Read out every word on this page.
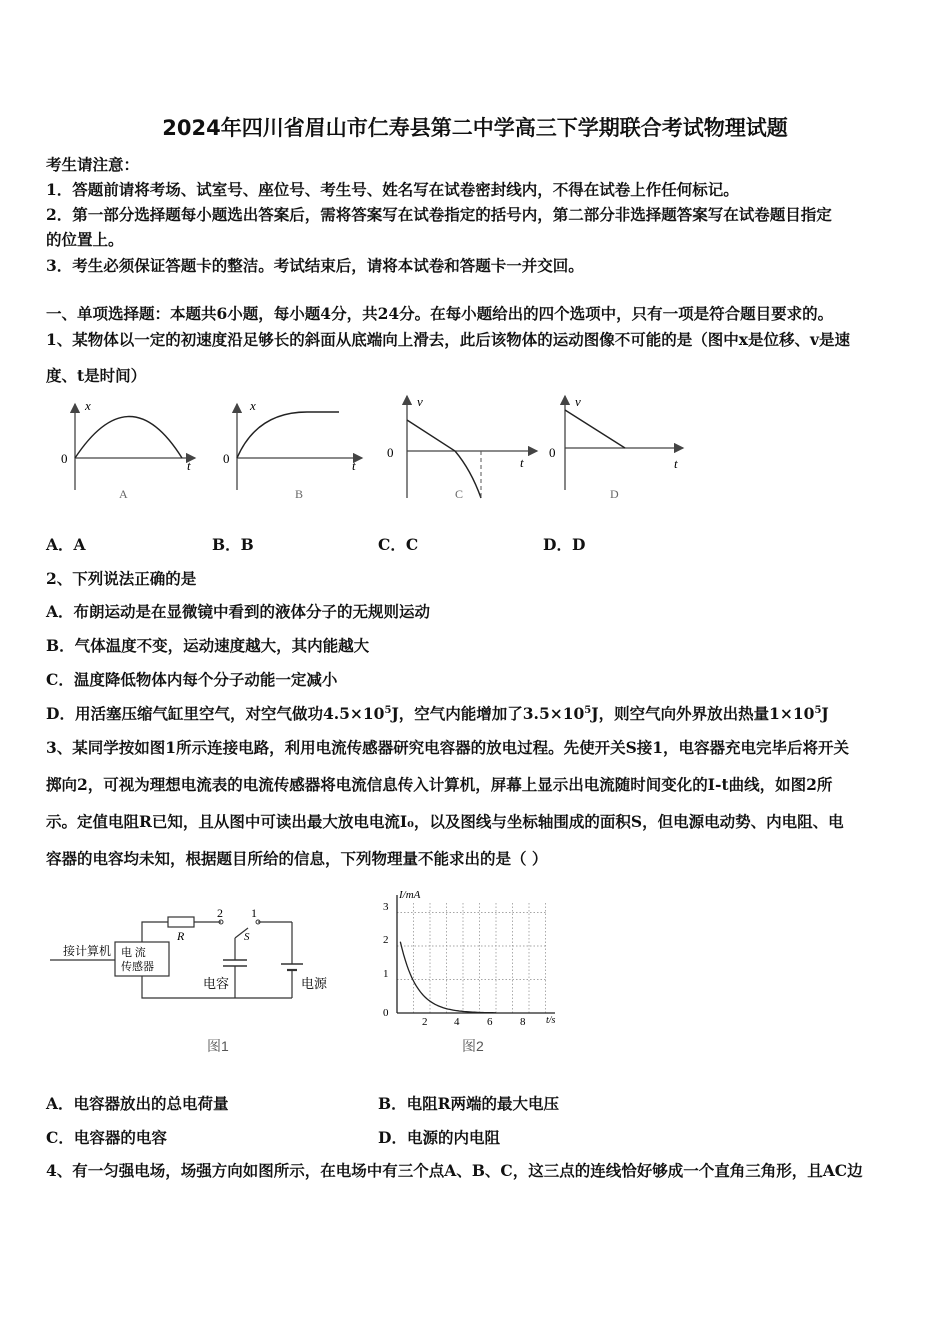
2024年四川省眉山市仁寿县第二中学高三下学期联合考试物理试题
考生请注意：
1．答题前请将考场、试室号、座位号、考生号、姓名写在试卷密封线内，不得在试卷上作任何标记。
2．第一部分选择题每小题选出答案后，需将答案写在试卷指定的括号内，第二部分非选择题答案写在试卷题目指定
的位置上。
3．考生必须保证答题卡的整洁。考试结束后，请将本试卷和答题卡一并交回。
一、单项选择题：本题共6小题，每小题4分，共24分。在每小题给出的四个选项中，只有一项是符合题目要求的。
1、某物体以一定的初速度沿足够长的斜面从底端向上滑去，此后该物体的运动图像不可能的是（图中x是位移、v是速
度、t是时间）
x
0	t
A
x
0	t
B
v
0
t
C
v
0
t
D
A．A	B．B	C．C	D．D
2、下列说法正确的是
A．布朗运动是在显微镜中看到的液体分子的无规则运动
B．气体温度不变，运动速度越大，其内能越大
C．温度降低物体内每个分子动能一定减小
D．用活塞压缩气缸里空气，对空气做功$4.5\times 10^5J$，空气内能增加了$3.5\times 10^5J$，则空气向外界放出热量$1\times 10^5J$
3、某同学按如图1所示连接电路，利用电流传感器研究电容器的放电过程。先使开关S接1，电容器充电完毕后将开关
掷向2，可视为理想电流表的电流传感器将电流信息传入计算机，屏幕上显示出电流随时间变化的I-t曲线，如图2所
示。定值电阻R已知，且从图中可读出最大放电电流I₀，以及图线与坐标轴围成的面积S，但电源电动势、内电阻、电
容器的电容均未知，根据题目所给的信息，下列物理量不能求出的是（ ）
接计算机 电 流
传感器
R
2 1
S
电容	电源
图1
I/mA
t/s
0
1
2
3
2 4	6	8
图2
A．电容器放出的总电荷量	B．电阻R两端的最大电压
C．电容器的电容	D．电源的内电阻
4、有一匀强电场，场强方向如图所示，在电场中有三个点A、B、C，这三点的连线恰好够成一个直角三角形，且AC边
